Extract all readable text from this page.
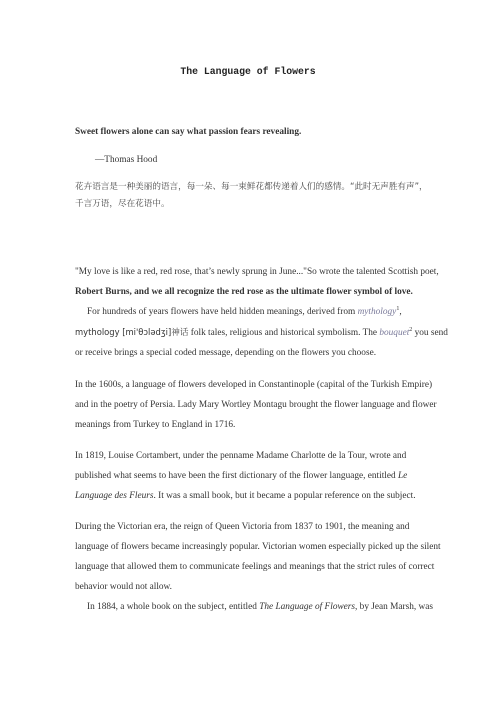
The Language of Flowers
Sweet flowers alone can say what passion fears revealing.
—Thomas Hood
花卉语言是一种美丽的语言，每一朵、每一束鲜花都传递着人们的感情。“此时无声胜有声”，
千言万语，尽在花语中。
"My love is like a red, red rose, that’s newly sprung in June..."So wrote the talented Scottish poet,
Robert Burns, and we all recognize the red rose as the ultimate flower symbol of love.
For hundreds of years flowers have held hidden meanings, derived from mythology$^1$,
mythology [mi'θɔlədʒi]神话 folk tales, religious and historical symbolism. The bouquet$^2$ you send
or receive brings a special coded message, depending on the flowers you choose.
In the 1600s, a language of flowers developed in Constantinople (capital of the Turkish Empire)
and in the poetry of Persia. Lady Mary Wortley Montagu brought the flower language and flower
meanings from Turkey to England in 1716.
In 1819, Louise Cortambert, under the penname Madame Charlotte de la Tour, wrote and
published what seems to have been the first dictionary of the flower language, entitled Le
Language des Fleurs. It was a small book, but it became a popular reference on the subject.
During the Victorian era, the reign of Queen Victoria from 1837 to 1901, the meaning and
language of flowers became increasingly popular. Victorian women especially picked up the silent
language that allowed them to communicate feelings and meanings that the strict rules of correct
behavior would not allow.
In 1884, a whole book on the subject, entitled The Language of Flowers, by Jean Marsh, was
